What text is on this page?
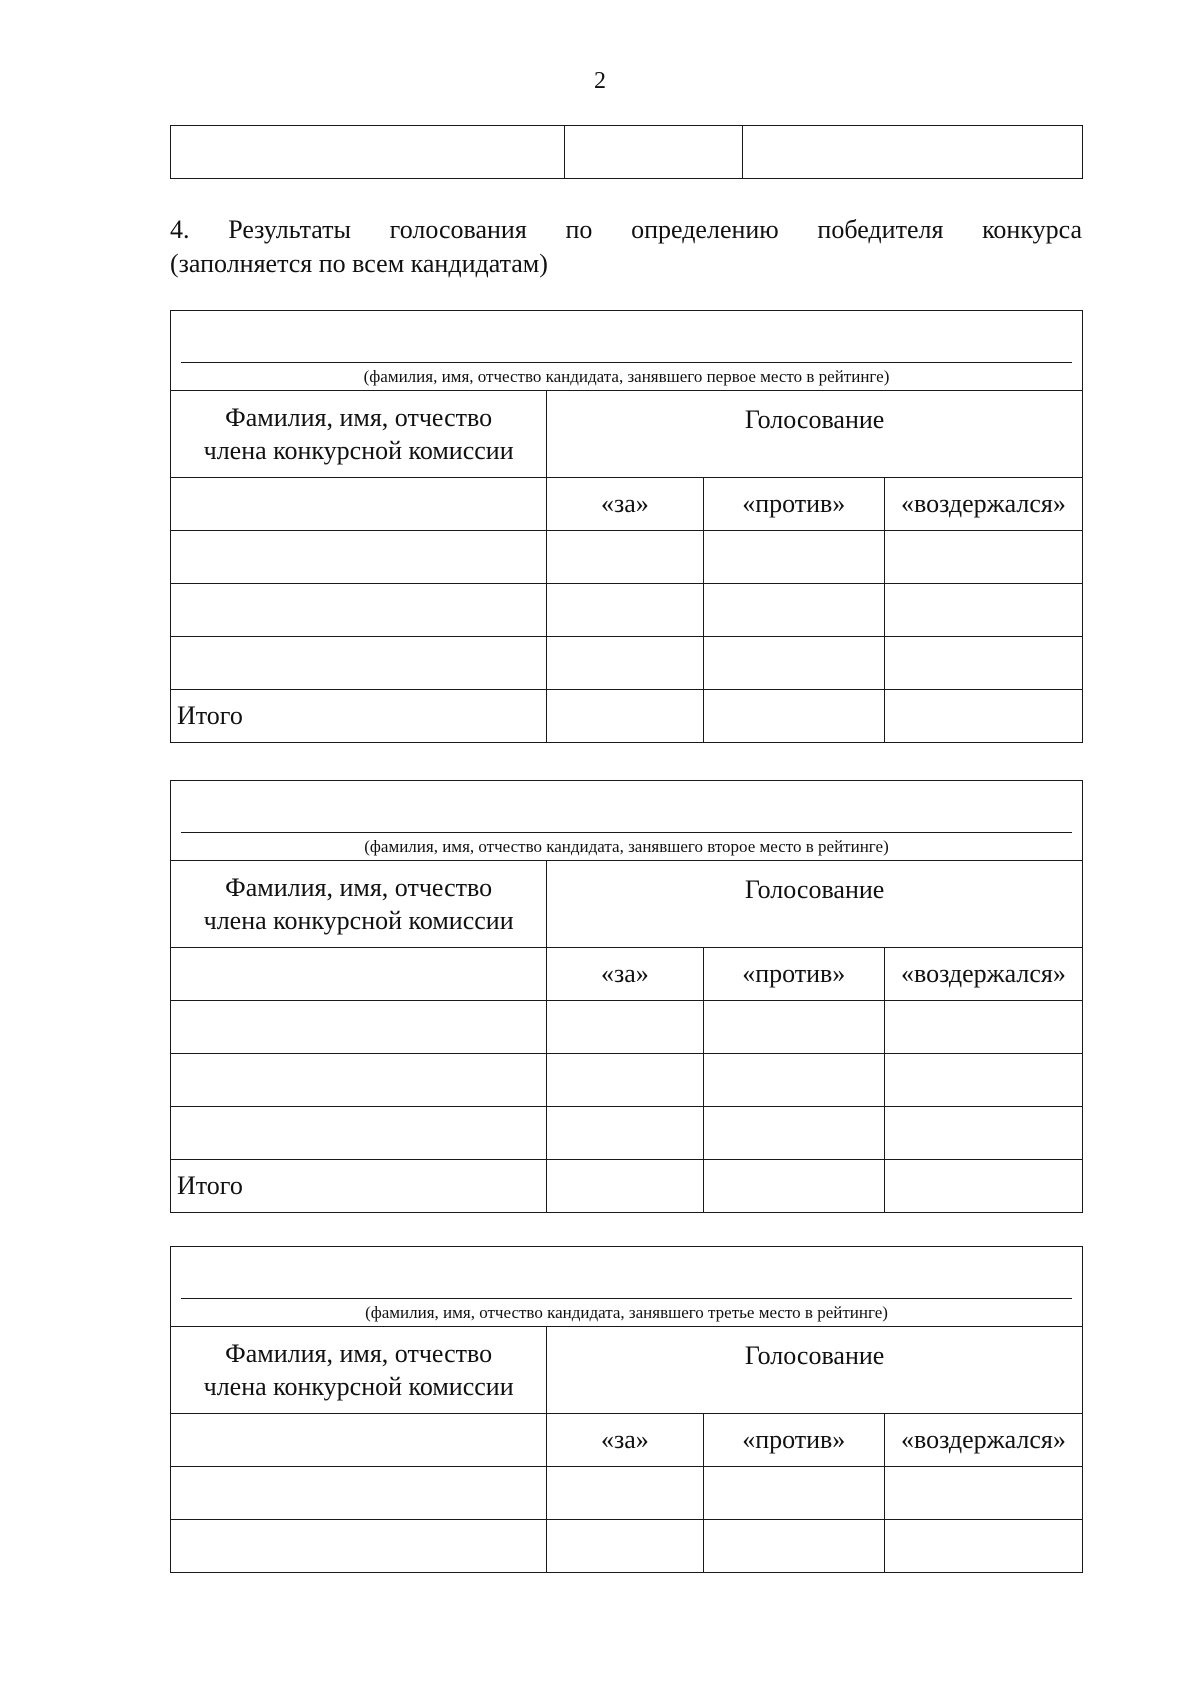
2

4. Результаты голосования по определению победителя конкурса
(заполняется по всем кандидатам)
(фамилия, имя, отчество кандидата, занявшего первое место в рейтинге)			

Фамилия, имя, отчество
члена конкурсной комиссии	Голосование		
	«за»	«против»	«воздержался»

Итого			
(фамилия, имя, отчество кандидата, занявшего второе место в рейтинге)			

Фамилия, имя, отчество
члена конкурсной комиссии	Голосование		
	«за»	«против»	«воздержался»

Итого			
(фамилия, имя, отчество кандидата, занявшего третье место в рейтинге)			

Фамилия, имя, отчество
члена конкурсной комиссии	Голосование		
	«за»	«против»	«воздержался»
